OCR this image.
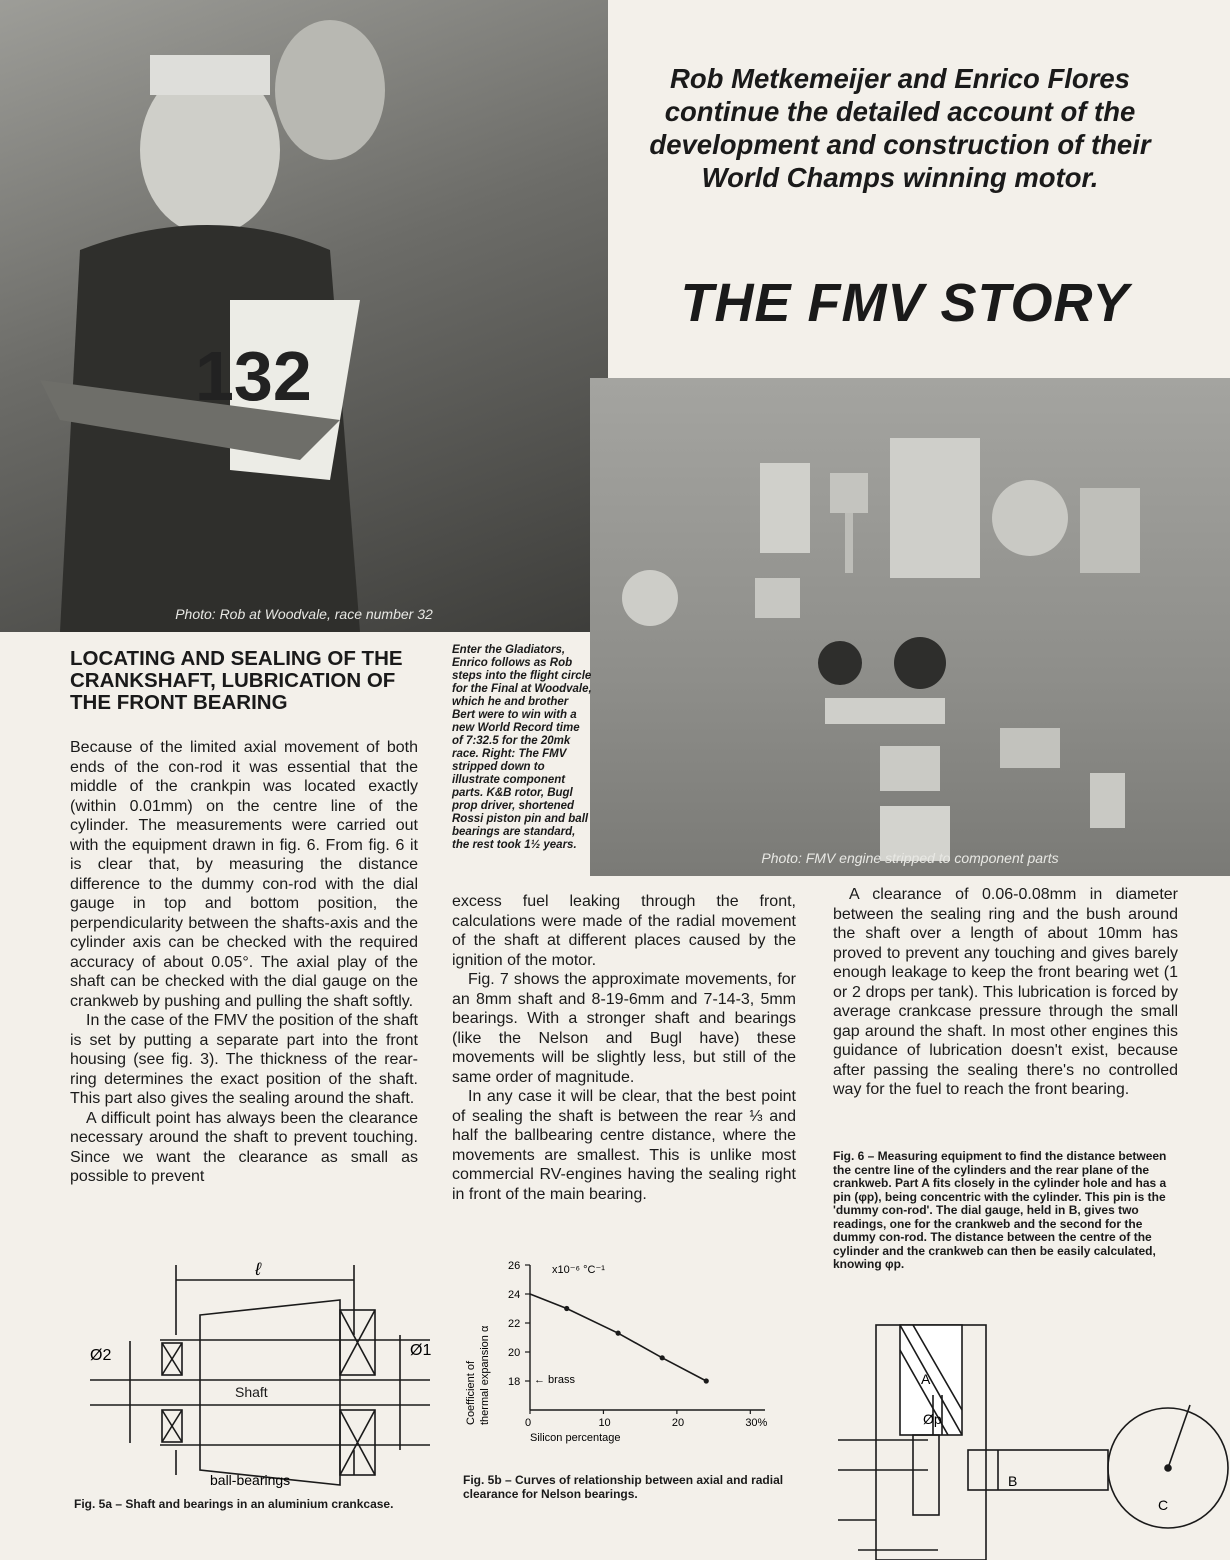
132
Photo: Rob at Woodvale, race number 32
Photo: FMV engine stripped to component parts
Rob Metkemeijer and Enrico Flores continue the detailed account of the development and construction of their World Champs winning motor.
THE FMV STORY
Enter the Gladiators, Enrico follows as Rob steps into the flight circle for the Final at Woodvale, which he and brother Bert were to win with a new World Record time of 7:32.5 for the 20mk race. Right: The FMV stripped down to illustrate component parts. K&B rotor, Bugl prop driver, shortened Rossi piston pin and ball bearings are standard, the rest took 1½ years.
LOCATING AND SEALING OF THE CRANKSHAFT, LUBRICATION OF THE FRONT BEARING

Because of the limited axial movement of both ends of the con-rod it was essential that the middle of the crankpin was located exactly (within 0.01mm) on the centre line of the cylinder. The measurements were carried out with the equipment drawn in fig. 6. From fig. 6 it is clear that, by measuring the distance difference to the dummy con-rod with the dial gauge in top and bottom position, the perpendicularity between the shafts-axis and the cylinder axis can be checked with the required accuracy of about 0.05°. The axial play of the shaft can be checked with the dial gauge on the crankweb by pushing and pulling the shaft softly.

In the case of the FMV the position of the shaft is set by putting a separate part into the front housing (see fig. 3). The thickness of the rear-ring determines the exact position of the shaft. This part also gives the sealing around the shaft.

A difficult point has always been the clearance necessary around the shaft to prevent touching. Since we want the clearance as small as possible to prevent

excess fuel leaking through the front, calculations were made of the radial movement of the shaft at different places caused by the ignition of the motor.

Fig. 7 shows the approximate movements, for an 8mm shaft and 8-19-6mm and 7-14-3, 5mm bearings. With a stronger shaft and bearings (like the Nelson and Bugl have) these movements will be slightly less, but still of the same order of magnitude.

In any case it will be clear, that the best point of sealing the shaft is between the rear ⅓ and half the ballbearing centre distance, where the movements are smallest. This is unlike most commercial RV-engines having the sealing right in front of the main bearing.

A clearance of 0.06-0.08mm in diameter between the sealing ring and the bush around the shaft over a length of about 10mm has proved to prevent any touching and gives barely enough leakage to keep the front bearing wet (1 or 2 drops per tank). This lubrication is forced by average crankcase pressure through the small gap around the shaft. In most other engines this guidance of lubrication doesn't exist, because after passing the sealing there's no controlled way for the fuel to reach the front bearing.

Fig. 6 – Measuring equipment to find the distance between the centre line of the cylinders and the rear plane of the crankweb. Part A fits closely in the cylinder hole and has a pin (φp), being concentric with the cylinder. This pin is the 'dummy con-rod'. The dial gauge, held in B, gives two readings, one for the crankweb and the second for the dummy con-rod. The distance between the centre of the cylinder and the crankweb can then be easily calculated, knowing φp.
ℓ
Ø2	Ø1
Shaft
ball-bearings
Fig. 5a – Shaft and bearings in an aluminium crankcase.
x10⁻⁶ °C⁻¹
Coefficient of thermal expansion α
Silicon percentage
← brass
18
20
22
24
26
0	10	20	30%
Fig. 5b – Curves of relationship between axial and radial clearance for Nelson bearings.
A
Øp
B
C
